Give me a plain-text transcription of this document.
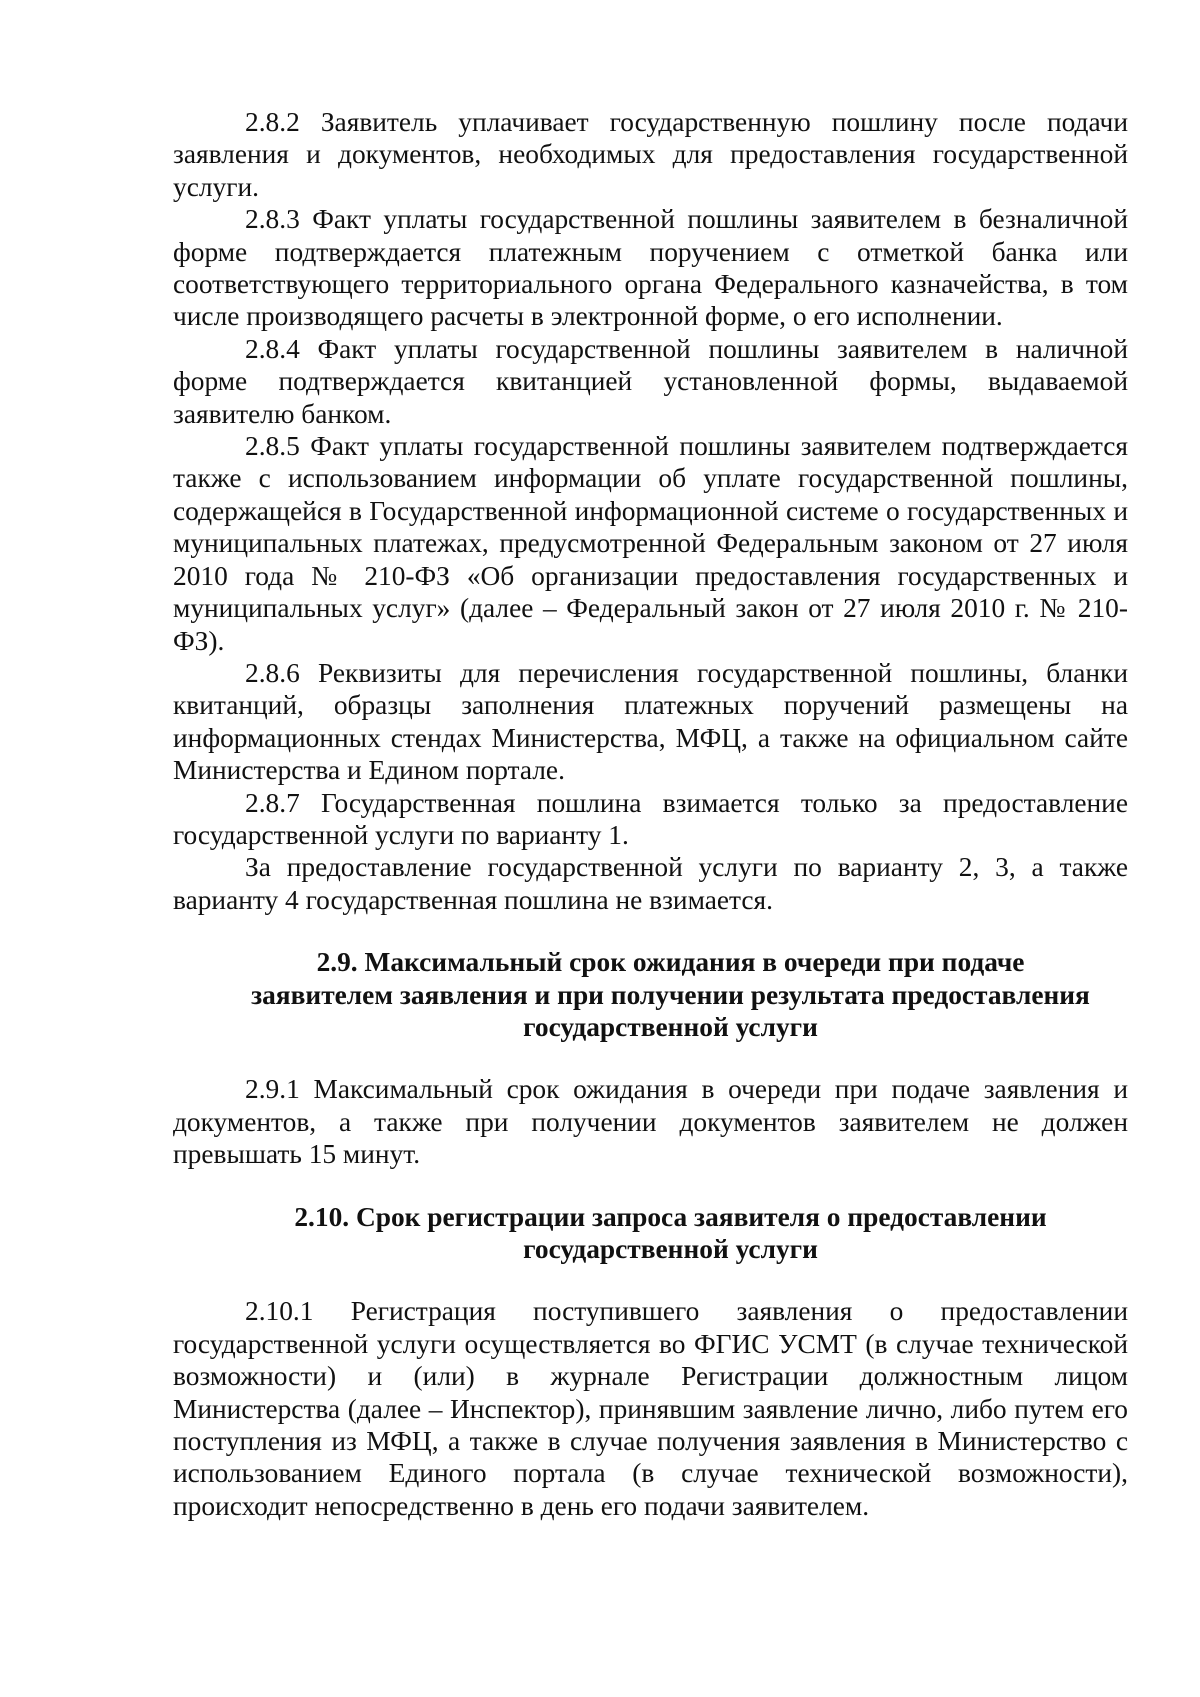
2.8.2 Заявитель уплачивает государственную пошлину после подачи заявления и документов, необходимых для предоставления государственной услуги.

2.8.3 Факт уплаты государственной пошлины заявителем в безналичной форме подтверждается платежным поручением с отметкой банка или соответствующего территориального органа Федерального казначейства, в том числе производящего расчеты в электронной форме, о его исполнении.

2.8.4 Факт уплаты государственной пошлины заявителем в наличной форме подтверждается квитанцией установленной формы, выдаваемой заявителю банком.

2.8.5 Факт уплаты государственной пошлины заявителем подтверждается также с использованием информации об уплате государственной пошлины, содержащейся в Государственной информационной системе о государственных и муниципальных платежах, предусмотренной Федеральным законом от 27 июля 2010 года № 210-ФЗ «Об организации предоставления государственных и муниципальных услуг» (далее – Федеральный закон от 27 июля 2010 г. № 210-ФЗ).

2.8.6 Реквизиты для перечисления государственной пошлины, бланки квитанций, образцы заполнения платежных поручений размещены на информационных стендах Министерства, МФЦ, а также на официальном сайте Министерства и Едином портале.

2.8.7 Государственная пошлина взимается только за предоставление государственной услуги по варианту 1.

За предоставление государственной услуги по варианту 2, 3, а также варианту 4 государственная пошлина не взимается.

2.9. Максимальный срок ожидания в очереди при подаче
заявителем заявления и при получении результата предоставления
государственной услуги

2.9.1 Максимальный срок ожидания в очереди при подаче заявления и документов, а также при получении документов заявителем не должен превышать 15 минут.

2.10. Срок регистрации запроса заявителя о предоставлении
государственной услуги

2.10.1 Регистрация поступившего заявления о предоставлении государственной услуги осуществляется во ФГИС УСМТ (в случае технической возможности) и (или) в журнале Регистрации должностным лицом Министерства (далее – Инспектор), принявшим заявление лично, либо путем его поступления из МФЦ, а также в случае получения заявления в Министерство с использованием Единого портала (в случае технической возможности), происходит непосредственно в день его подачи заявителем.
